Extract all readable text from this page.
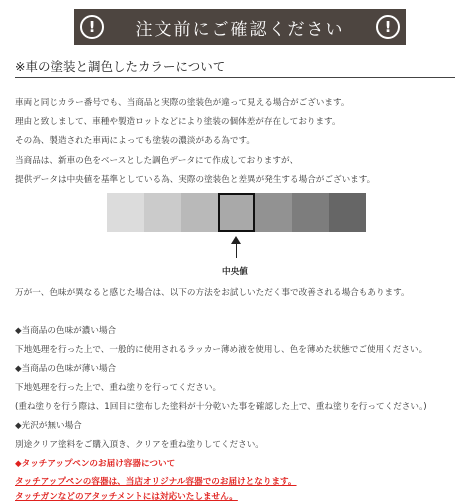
!	注文前にご確認ください	!
※車の塗装と調色したカラーについて
車両と同じカラー番号でも、当商品と実際の塗装色が違って見える場合がございます。
理由と致しまして、車種や製造ロットなどにより塗装の個体差が存在しております。
その為、製造された車両によっても塗装の濃淡がある為です。
当商品は、新車の色をベースとした調色データにて作成しておりますが、
提供データは中央値を基準としている為、実際の塗装色と差異が発生する場合がございます。
中央値
万が一、色味が異なると感じた場合は、以下の方法をお試しいただく事で改善される場合もあります。
◆当商品の色味が濃い場合
下地処理を行った上で、一般的に使用されるラッカー薄め液を使用し、色を薄めた状態でご使用ください。
◆当商品の色味が薄い場合
下地処理を行った上で、重ね塗りを行ってください。
(重ね塗りを行う際は、1回目に塗布した塗料が十分乾いた事を確認した上で、重ね塗りを行ってください。)
◆光沢が無い場合
別途クリア塗料をご購入頂き、クリアを重ね塗りしてください。
◆タッチアップペンのお届け容器について
タッチアップペンの容器は、当店オリジナル容器でのお届けとなります。
タッチガンなどのアタッチメントには対応いたしません。
